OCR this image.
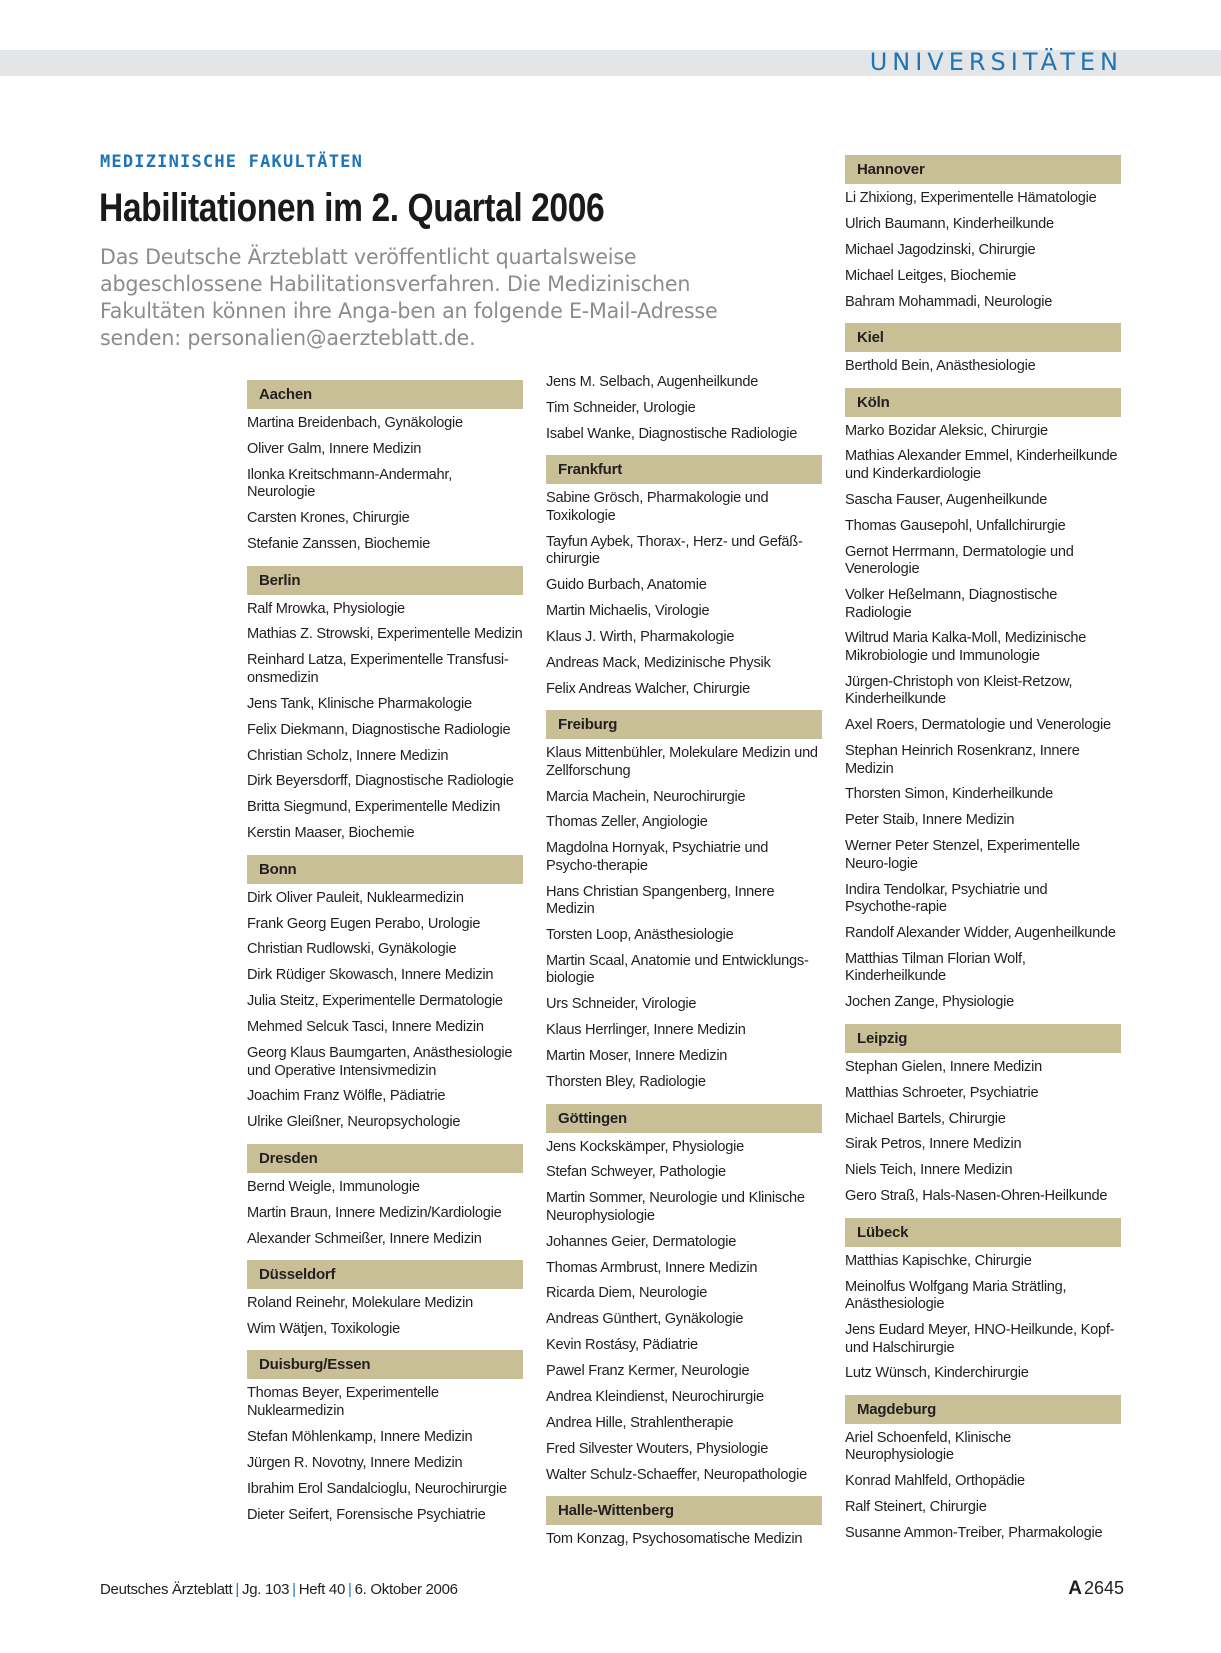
UNIVERSITÄTEN
MEDIZINISCHE FAKULTÄTEN
Habilitationen im 2. Quartal 2006
Das Deutsche Ärzteblatt veröffentlicht quartalsweise abgeschlossene Habilitationsverfahren. Die Medizinischen Fakultäten können ihre Anga-ben an folgende E-Mail-Adresse senden: personalien@aerzteblatt.de.
Aachen
Martina Breidenbach, Gynäkologie
Oliver Galm, Innere Medizin
Ilonka Kreitschmann-Andermahr, Neurologie
Carsten Krones, Chirurgie
Stefanie Zanssen, Biochemie
Berlin
Ralf Mrowka, Physiologie
Mathias Z. Strowski, Experimentelle Medizin
Reinhard Latza, Experimentelle Transfusi-onsmedizin
Jens Tank, Klinische Pharmakologie
Felix Diekmann, Diagnostische Radiologie
Christian Scholz, Innere Medizin
Dirk Beyersdorff, Diagnostische Radiologie
Britta Siegmund, Experimentelle Medizin
Kerstin Maaser, Biochemie
Bonn
Dirk Oliver Pauleit, Nuklearmedizin
Frank Georg Eugen Perabo, Urologie
Christian Rudlowski, Gynäkologie
Dirk Rüdiger Skowasch, Innere Medizin
Julia Steitz, Experimentelle Dermatologie
Mehmed Selcuk Tasci, Innere Medizin
Georg Klaus Baumgarten, Anästhesiologie und Operative Intensivmedizin
Joachim Franz Wölfle, Pädiatrie
Ulrike Gleißner, Neuropsychologie
Dresden
Bernd Weigle, Immunologie
Martin Braun, Innere Medizin/Kardiologie
Alexander Schmeißer, Innere Medizin
Düsseldorf
Roland Reinehr, Molekulare Medizin
Wim Wätjen, Toxikologie
Duisburg/Essen
Thomas Beyer, Experimentelle Nuklearmedizin
Stefan Möhlenkamp, Innere Medizin
Jürgen R. Novotny, Innere Medizin
Ibrahim Erol Sandalcioglu, Neurochirurgie
Dieter Seifert, Forensische Psychiatrie
Jens M. Selbach, Augenheilkunde
Tim Schneider, Urologie
Isabel Wanke, Diagnostische Radiologie
Frankfurt
Sabine Grösch, Pharmakologie und Toxikologie
Tayfun Aybek, Thorax-, Herz- und Gefäß-chirurgie
Guido Burbach, Anatomie
Martin Michaelis, Virologie
Klaus J. Wirth, Pharmakologie
Andreas Mack, Medizinische Physik
Felix Andreas Walcher, Chirurgie
Freiburg
Klaus Mittenbühler, Molekulare Medizin und Zellforschung
Marcia Machein, Neurochirurgie
Thomas Zeller, Angiologie
Magdolna Hornyak, Psychiatrie und Psycho-therapie
Hans Christian Spangenberg, Innere Medizin
Torsten Loop, Anästhesiologie
Martin Scaal, Anatomie und Entwicklungs-biologie
Urs Schneider, Virologie
Klaus Herrlinger, Innere Medizin
Martin Moser, Innere Medizin
Thorsten Bley, Radiologie
Göttingen
Jens Kockskämper, Physiologie
Stefan Schweyer, Pathologie
Martin Sommer, Neurologie und Klinische Neurophysiologie
Johannes Geier, Dermatologie
Thomas Armbrust, Innere Medizin
Ricarda Diem, Neurologie
Andreas Günthert, Gynäkologie
Kevin Rostásy, Pädiatrie
Pawel Franz Kermer, Neurologie
Andrea Kleindienst, Neurochirurgie
Andrea Hille, Strahlentherapie
Fred Silvester Wouters, Physiologie
Walter Schulz-Schaeffer, Neuropathologie
Halle-Wittenberg
Tom Konzag, Psychosomatische Medizin
Hannover
Li Zhixiong, Experimentelle Hämatologie
Ulrich Baumann, Kinderheilkunde
Michael Jagodzinski, Chirurgie
Michael Leitges, Biochemie
Bahram Mohammadi, Neurologie
Kiel
Berthold Bein, Anästhesiologie
Köln
Marko Bozidar Aleksic, Chirurgie
Mathias Alexander Emmel, Kinderheilkunde und Kinderkardiologie
Sascha Fauser, Augenheilkunde
Thomas Gausepohl, Unfallchirurgie
Gernot Herrmann, Dermatologie und Venerologie
Volker Heßelmann, Diagnostische Radiologie
Wiltrud Maria Kalka-Moll, Medizinische Mikrobiologie und Immunologie
Jürgen-Christoph von Kleist-Retzow, Kinderheilkunde
Axel Roers, Dermatologie und Venerologie
Stephan Heinrich Rosenkranz, Innere Medizin
Thorsten Simon, Kinderheilkunde
Peter Staib, Innere Medizin
Werner Peter Stenzel, Experimentelle Neuro-logie
Indira Tendolkar, Psychiatrie und Psychothe-rapie
Randolf Alexander Widder, Augenheilkunde
Matthias Tilman Florian Wolf, Kinderheilkunde
Jochen Zange, Physiologie
Leipzig
Stephan Gielen, Innere Medizin
Matthias Schroeter, Psychiatrie
Michael Bartels, Chirurgie
Sirak Petros, Innere Medizin
Niels Teich, Innere Medizin
Gero Straß, Hals-Nasen-Ohren-Heilkunde
Lübeck
Matthias Kapischke, Chirurgie
Meinolfus Wolfgang Maria Strätling, Anästhesiologie
Jens Eudard Meyer, HNO-Heilkunde, Kopf-und Halschirurgie
Lutz Wünsch, Kinderchirurgie
Magdeburg
Ariel Schoenfeld, Klinische Neurophysiologie
Konrad Mahlfeld, Orthopädie
Ralf Steinert, Chirurgie
Susanne Ammon-Treiber, Pharmakologie
Deutsches Ärzteblatt | Jg. 103 | Heft 40 | 6. Oktober 2006	A 2645
